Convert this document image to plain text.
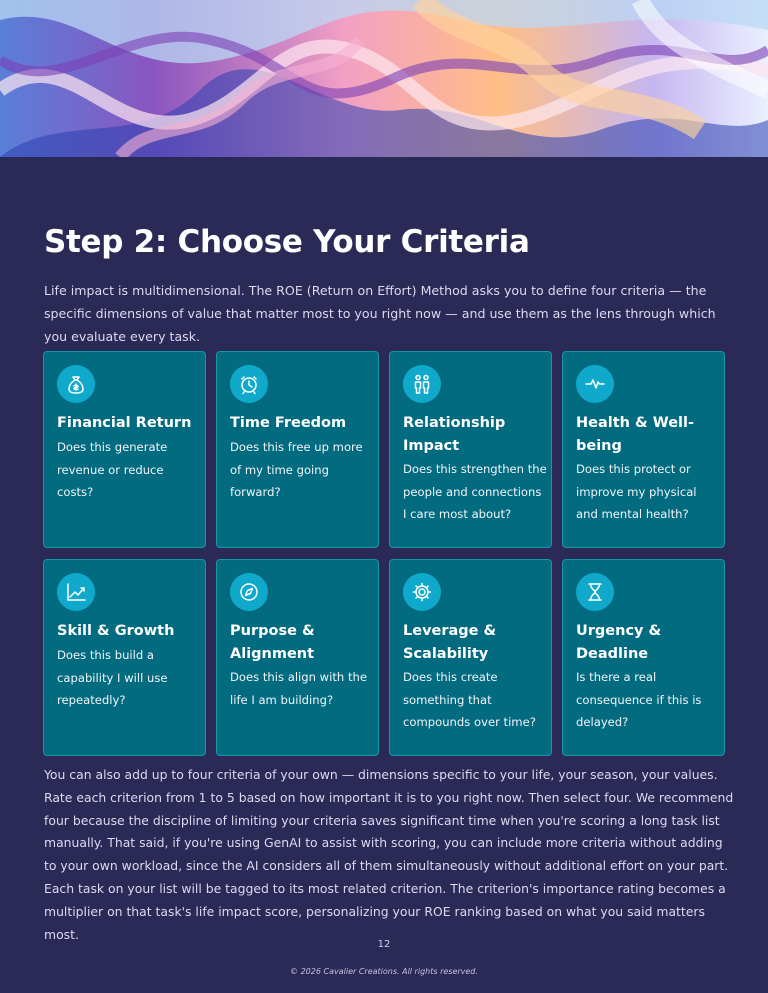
Step 2: Choose Your Criteria

Life impact is multidimensional. The ROE (Return on Effort) Method asks you to define four criteria — the specific dimensions of value that matter most to you right now — and use them as the lens through which you evaluate every task.

Financial Return
Does this generate revenue or reduce costs?
Time Freedom
Does this free up more of my time going forward?
Relationship Impact
Does this strengthen the people and connections I care most about?
Health & Well-being
Does this protect or improve my physical and mental health?
Skill & Growth
Does this build a capability I will use repeatedly?
Purpose & Alignment
Does this align with the life I am building?
Leverage & Scalability
Does this create something that compounds over time?
Urgency & Deadline
Is there a real consequence if this is delayed?

You can also add up to four criteria of your own — dimensions specific to your life, your season, your values. Rate each criterion from 1 to 5 based on how important it is to you right now. Then select four. We recommend four because the discipline of limiting your criteria saves significant time when you're scoring a long task list manually. That said, if you're using GenAI to assist with scoring, you can include more criteria without adding to your own workload, since the AI considers all of them simultaneously without additional effort on your part. Each task on your list will be tagged to its most related criterion. The criterion's importance rating becomes a multiplier on that task's life impact score, personalizing your ROE ranking based on what you said matters most.

12
© 2026 Cavalier Creations. All rights reserved.
